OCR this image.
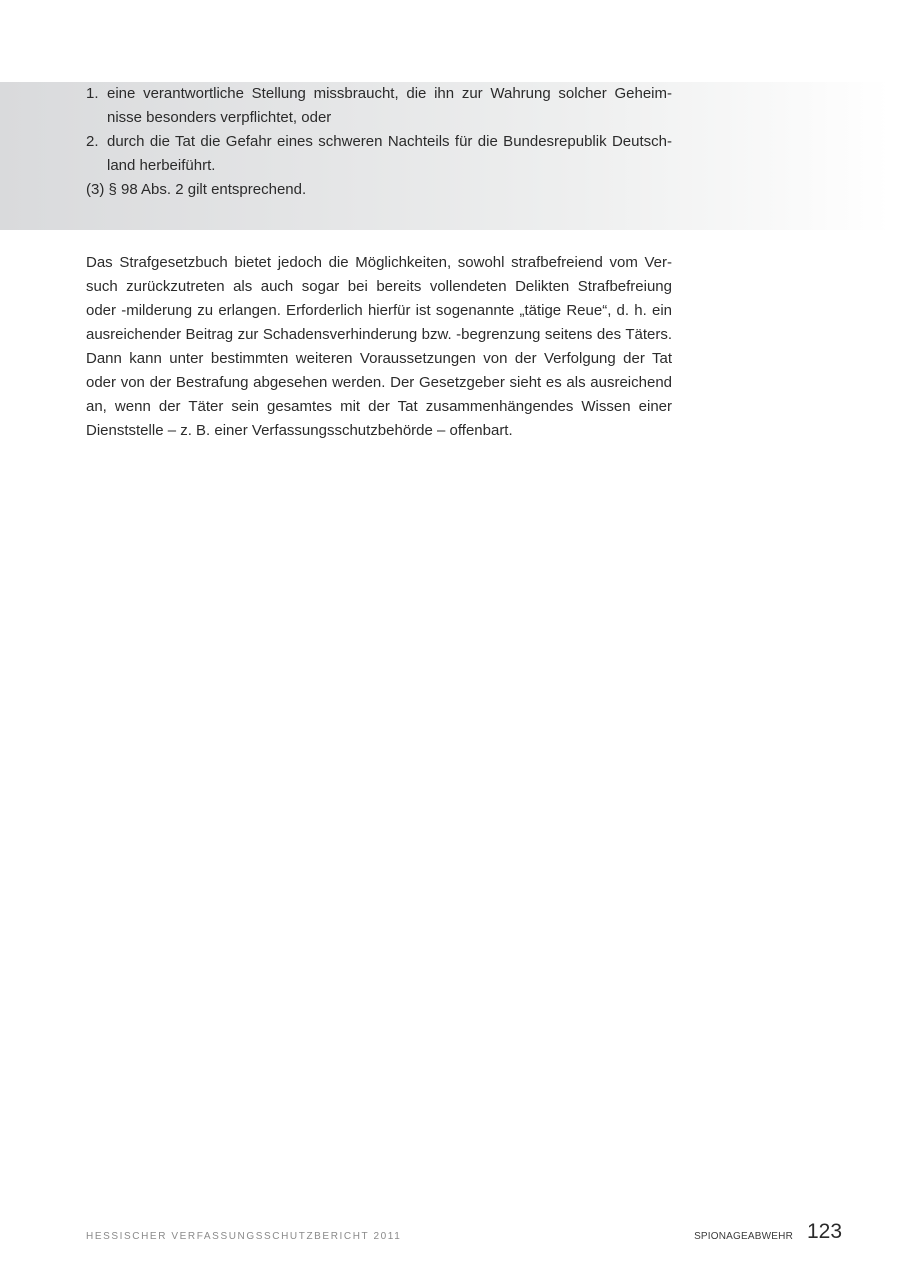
1. eine verantwortliche Stellung missbraucht, die ihn zur Wahrung solcher Geheim-
nisse besonders verpflichtet, oder
2. durch die Tat die Gefahr eines schweren Nachteils für die Bundesrepublik Deutsch-
land herbeiführt.
(3) § 98 Abs. 2 gilt entsprechend.
Das Strafgesetzbuch bietet jedoch die Möglichkeiten, sowohl strafbefreiend vom Ver-
such zurückzutreten als auch sogar bei bereits vollendeten Delikten Strafbefreiung
oder -milderung zu erlangen. Erforderlich hierfür ist sogenannte „tätige Reue“, d. h. ein
ausreichender Beitrag zur Schadensverhinderung bzw. -begrenzung seitens des Täters.
Dann kann unter bestimmten weiteren Voraussetzungen von der Verfolgung der Tat
oder von der Bestrafung abgesehen werden. Der Gesetzgeber sieht es als ausreichend
an, wenn der Täter sein gesamtes mit der Tat zusammenhängendes Wissen einer
Dienststelle – z. B. einer Verfassungsschutzbehörde – offenbart.
HESSISCHER VERFASSUNGSSCHUTZBERICHT 2011	SPIONAGEABWEHR 123
